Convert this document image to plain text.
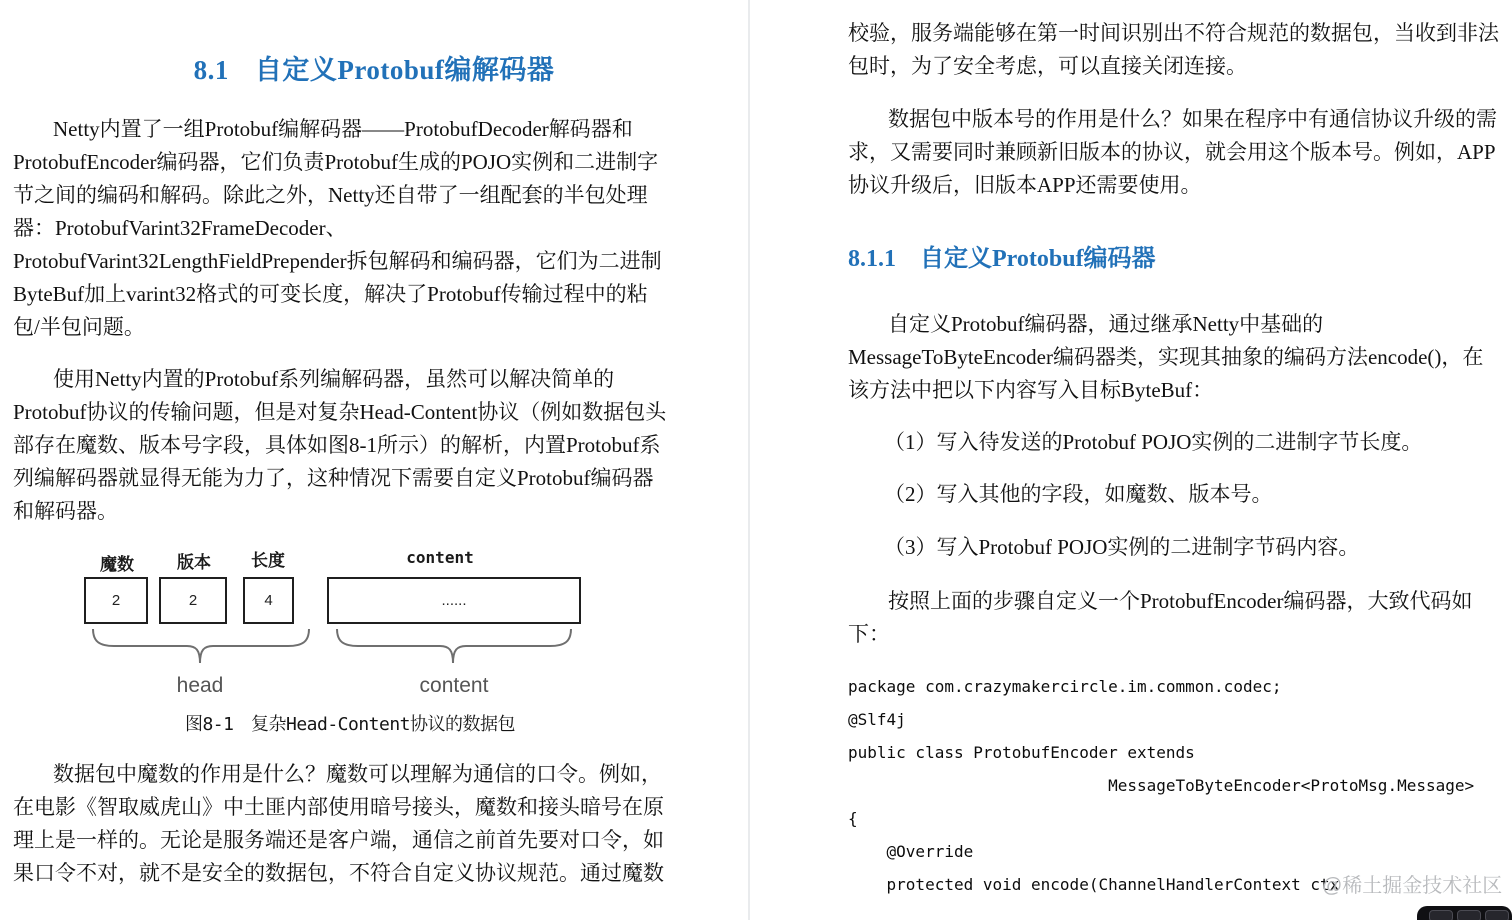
8.1 自定义Protobuf编解码器
Netty内置了一组Protobuf编解码器——ProtobufDecoder解码器和
ProtobufEncoder编码器，它们负责Protobuf生成的POJO实例和二进制字
节之间的编码和解码。除此之外，Netty还自带了一组配套的半包处理
器：ProtobufVarint32FrameDecoder、
ProtobufVarint32LengthFieldPrepender拆包解码和编码器，它们为二进制
ByteBuf加上varint32格式的可变长度，解决了Protobuf传输过程中的粘
包/半包问题。
使用Netty内置的Protobuf系列编解码器，虽然可以解决简单的
Protobuf协议的传输问题，但是对复杂Head-Content协议（例如数据包头
部存在魔数、版本号字段，具体如图8-1所示）的解析，内置Protobuf系
列编解码器就显得无能为力了，这种情况下需要自定义Protobuf编码器
和解码器。
魔数	版本 长度	content
2	2	4	......
head	content
图8-1　复杂Head-Content协议的数据包
数据包中魔数的作用是什么？魔数可以理解为通信的口令。例如，
在电影《智取威虎山》中土匪内部使用暗号接头，魔数和接头暗号在原
理上是一样的。无论是服务端还是客户端，通信之前首先要对口令，如
果口令不对，就不是安全的数据包，不符合自定义协议规范。通过魔数
校验，服务端能够在第一时间识别出不符合规范的数据包，当收到非法
包时，为了安全考虑，可以直接关闭连接。
数据包中版本号的作用是什么？如果在程序中有通信协议升级的需
求，又需要同时兼顾新旧版本的协议，就会用这个版本号。例如，APP
协议升级后，旧版本APP还需要使用。
8.1.1 自定义Protobuf编码器
自定义Protobuf编码器，通过继承Netty中基础的
MessageToByteEncoder编码器类，实现其抽象的编码方法encode()，在
该方法中把以下内容写入目标ByteBuf：
（1）写入待发送的Protobuf POJO实例的二进制字节长度。
（2）写入其他的字段，如魔数、版本号。
（3）写入Protobuf POJO实例的二进制字节码内容。
按照上面的步骤自定义一个ProtobufEncoder编码器，大致代码如
下：
package com.crazymakercircle.im.common.codec;
@Slf4j
public class ProtobufEncoder extends
MessageToByteEncoder<ProtoMsg.Message>
{
@Override
protected void encode(ChannelHandlerContext ctx
@稀土掘金技术社区
